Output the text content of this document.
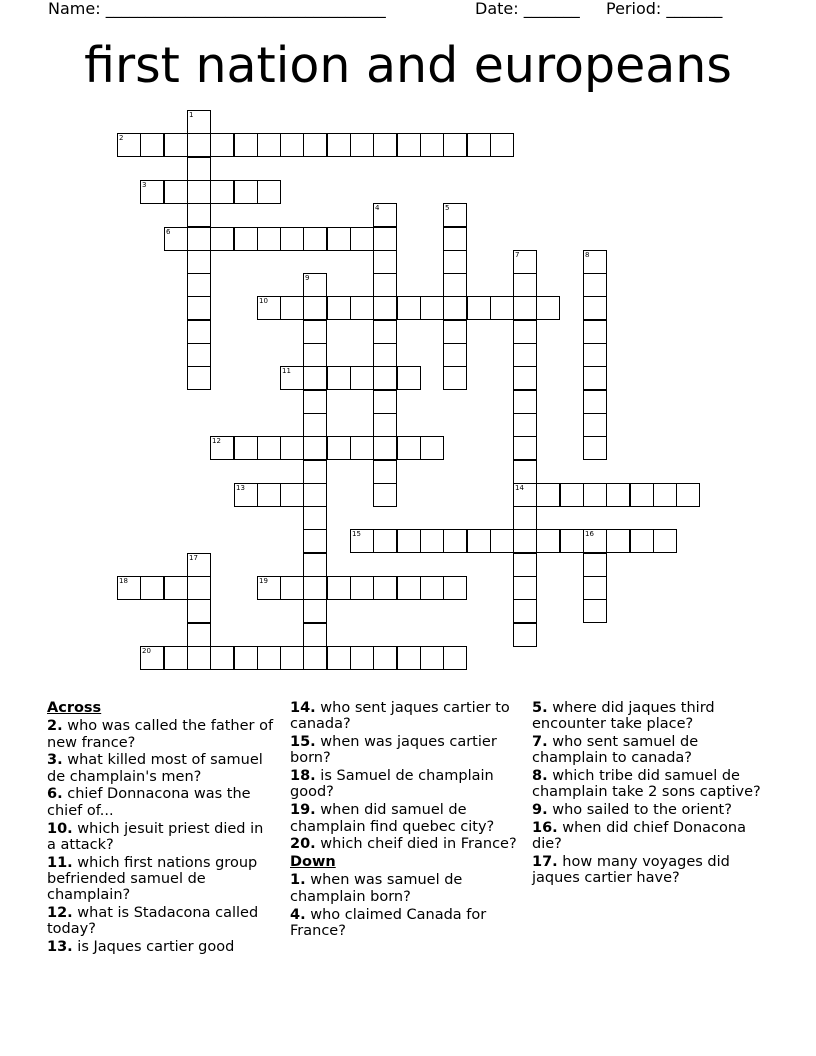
Name: ___________________________________	Date: _______ Period: _______
first nation and europeans
1
2
3
4	5
6
7
14
8
9
10
11
12
13
15	16
17
18	19
20
Across
2. who was called the father of new france?
3. what killed most of samuel de champlain's men?
6. chief Donnacona was the chief of...
10. which jesuit priest died in a attack?
11. which first nations group befriended samuel de champlain?
12. what is Stadacona called today?
13. is Jaques cartier good
14. who sent jaques cartier to canada?
15. when was jaques cartier born?
18. is Samuel de champlain good?
19. when did samuel de champlain find quebec city?
20. which cheif died in France?
Down
1. when was samuel de champlain born?
4. who claimed Canada for France?
5. where did jaques third encounter take place?
7. who sent samuel de champlain to canada?
8. which tribe did samuel de champlain take 2 sons captive?
9. who sailed to the orient?
16. when did chief Donacona die?
17. how many voyages did jaques cartier have?
